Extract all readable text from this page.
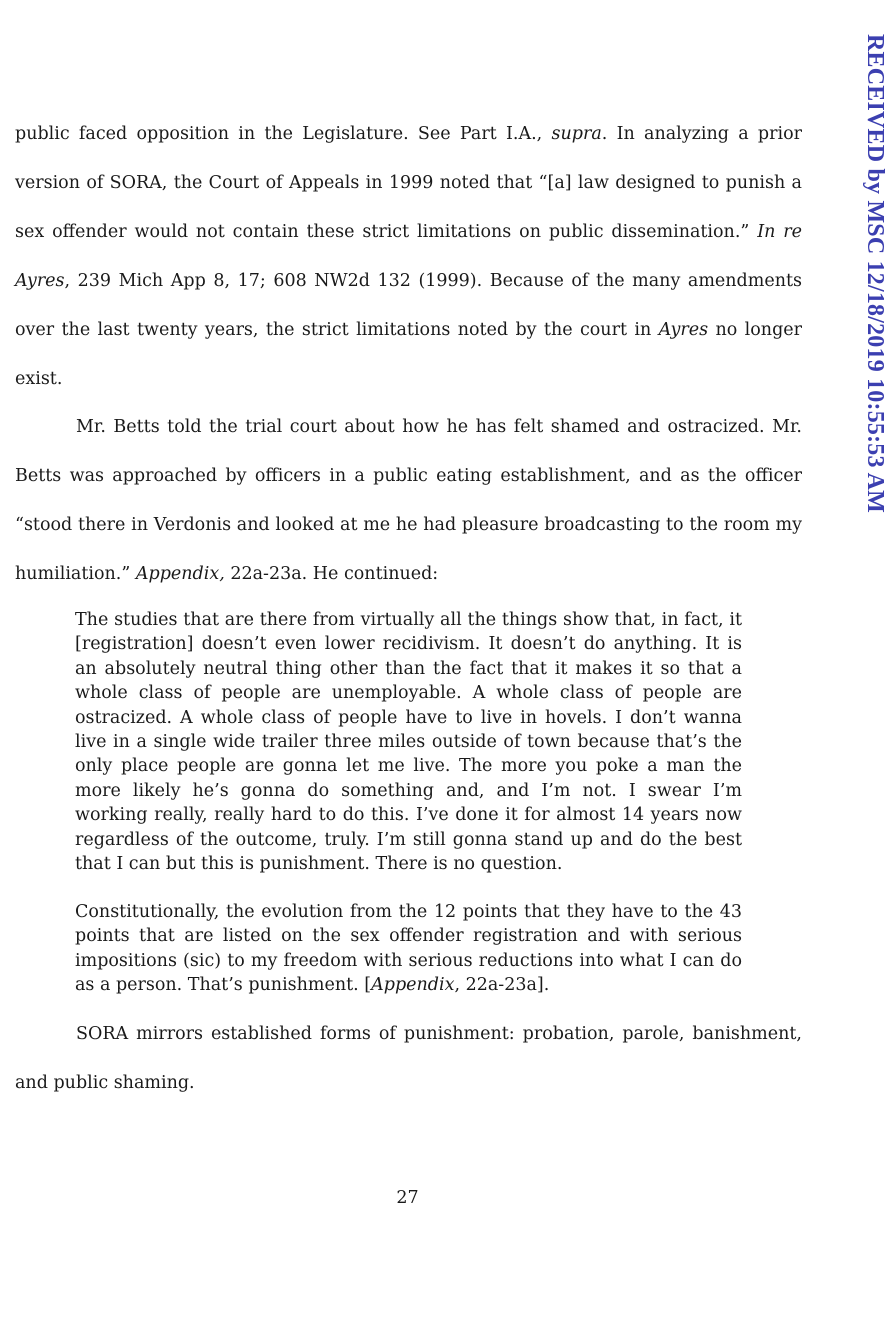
RECEIVED by MSC 12/18/2019 10:55:53 AM

public faced opposition in the Legislature. See Part I.A., supra. In analyzing a prior version of SORA, the Court of Appeals in 1999 noted that “[a] law designed to punish a sex offender would not contain these strict limitations on public dissemination.” In re Ayres, 239 Mich App 8, 17; 608 NW2d 132 (1999). Because of the many amendments over the last twenty years, the strict limitations noted by the court in Ayres no longer exist.

Mr. Betts told the trial court about how he has felt shamed and ostracized. Mr. Betts was approached by officers in a public eating establishment, and as the officer “stood there in Verdonis and looked at me he had pleasure broadcasting to the room my humiliation.” Appendix, 22a-23a. He continued:

The studies that are there from virtually all the things show that, in fact, it [registration] doesn’t even lower recidivism. It doesn’t do anything. It is an absolutely neutral thing other than the fact that it makes it so that a whole class of people are unemployable. A whole class of people are ostracized. A whole class of people have to live in hovels. I don’t wanna live in a single wide trailer three miles outside of town because that’s the only place people are gonna let me live. The more you poke a man the more likely he’s gonna do something and, and I’m not. I swear I’m working really, really hard to do this. I’ve done it for almost 14 years now regardless of the outcome, truly. I’m still gonna stand up and do the best that I can but this is punishment. There is no question.

Constitutionally, the evolution from the 12 points that they have to the 43 points that are listed on the sex offender registration and with serious impositions (sic) to my freedom with serious reductions into what I can do as a person. That’s punishment. [Appendix, 22a-23a].

SORA mirrors established forms of punishment: probation, parole, banishment, and public shaming.

27
